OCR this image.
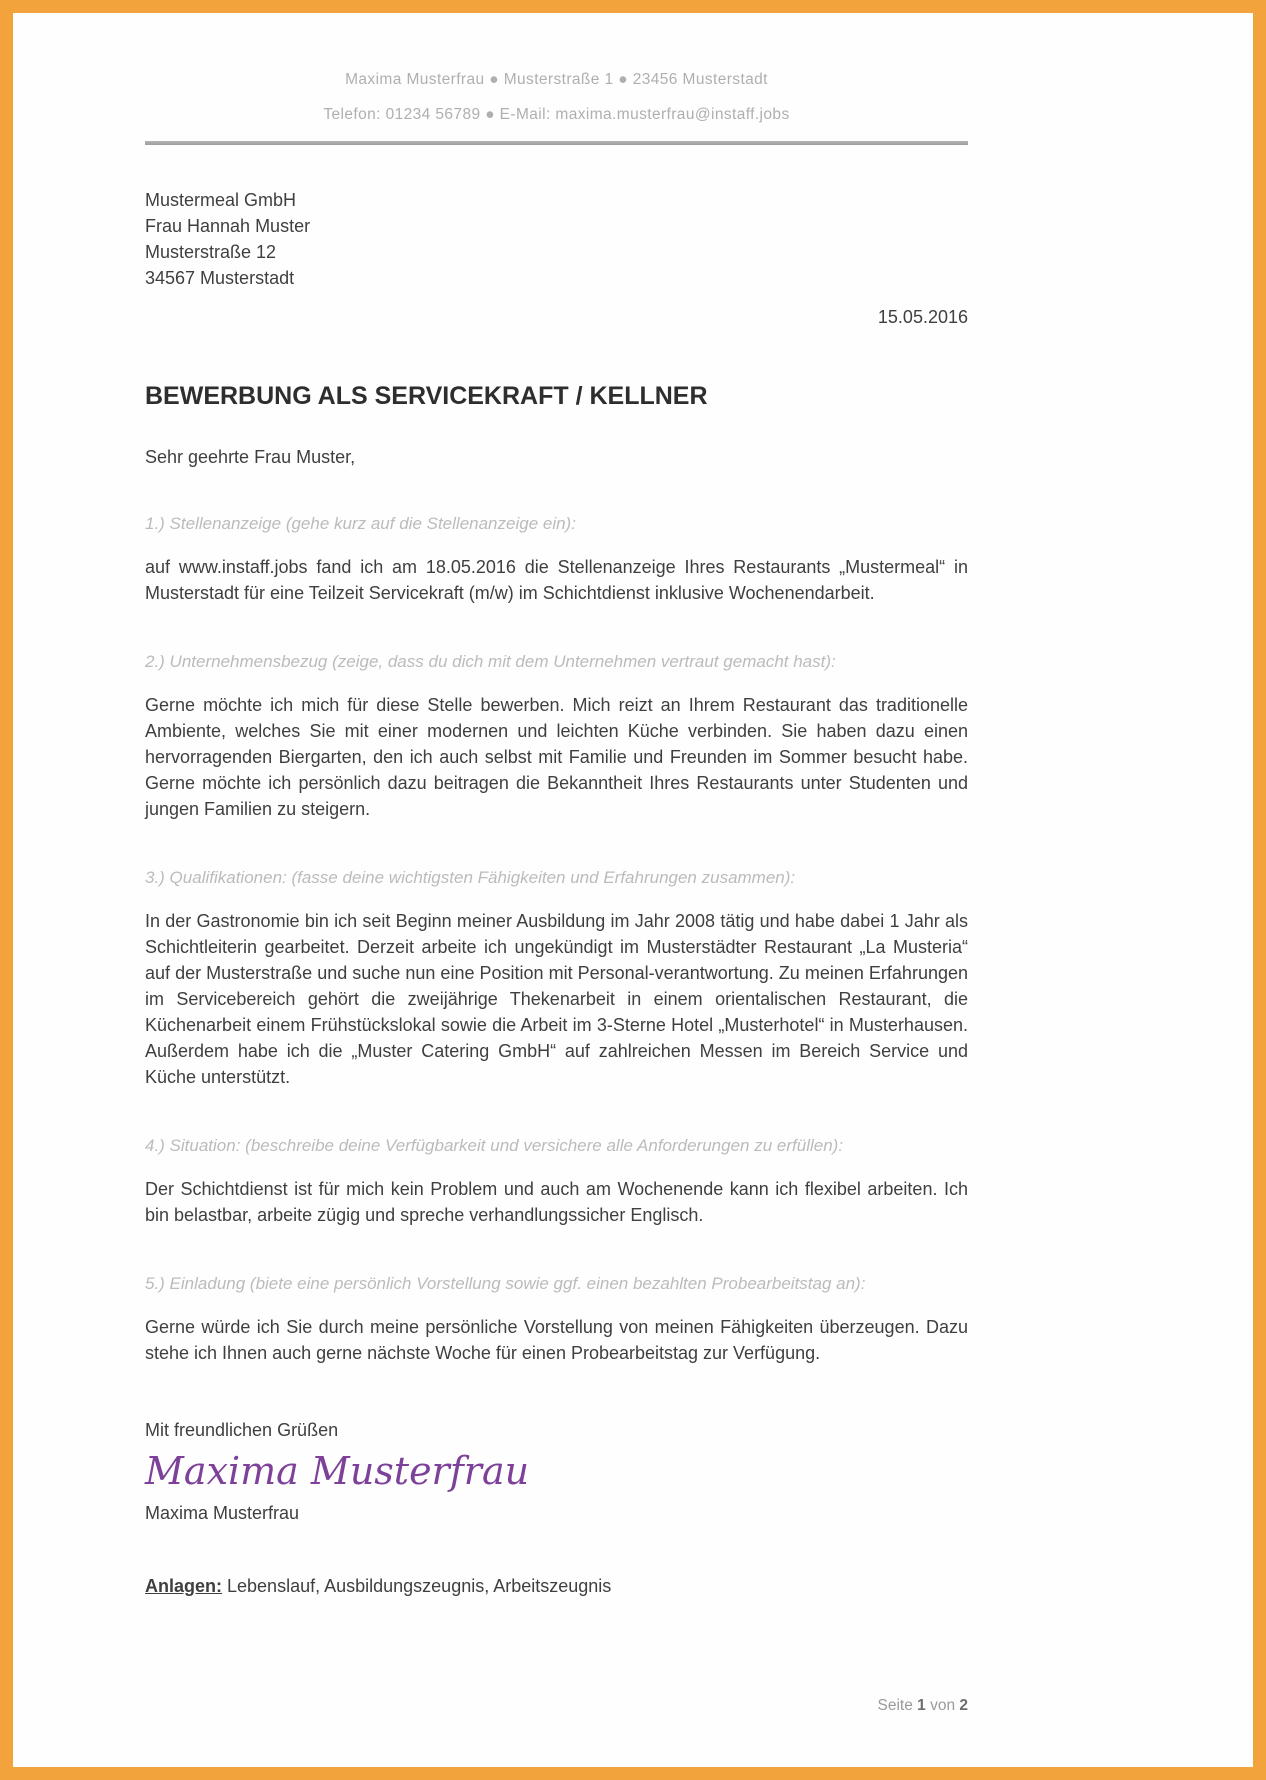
Maxima Musterfrau ● Musterstraße 1 ● 23456 Musterstadt

Telefon: 01234 56789 ● E-Mail: maxima.musterfrau@instaff.jobs

Mustermeal GmbH

Frau Hannah Muster

Musterstraße 12

34567 Musterstadt

15.05.2016
BEWERBUNG ALS SERVICEKRAFT / KELLNER

Sehr geehrte Frau Muster,

1.) Stellenanzeige (gehe kurz auf die Stellenanzeige ein):

auf www.instaff.jobs fand ich am 18.05.2016 die Stellenanzeige Ihres Restaurants „Mustermeal“ in Musterstadt für eine Teilzeit Servicekraft (m/w) im Schichtdienst inklusive Wochenendarbeit.

2.) Unternehmensbezug (zeige, dass du dich mit dem Unternehmen vertraut gemacht hast):

Gerne möchte ich mich für diese Stelle bewerben. Mich reizt an Ihrem Restaurant das traditionelle Ambiente, welches Sie mit einer modernen und leichten Küche verbinden. Sie haben dazu einen hervorragenden Biergarten, den ich auch selbst mit Familie und Freunden im Sommer besucht habe. Gerne möchte ich persönlich dazu beitragen die Bekanntheit Ihres Restaurants unter Studenten und jungen Familien zu steigern.

3.) Qualifikationen: (fasse deine wichtigsten Fähigkeiten und Erfahrungen zusammen):

In der Gastronomie bin ich seit Beginn meiner Ausbildung im Jahr 2008 tätig und habe dabei 1 Jahr als Schichtleiterin gearbeitet. Derzeit arbeite ich ungekündigt im Musterstädter Restaurant „La Musteria“ auf der Musterstraße und suche nun eine Position mit Personal-verantwortung. Zu meinen Erfahrungen im Servicebereich gehört die zweijährige Thekenarbeit in einem orientalischen Restaurant, die Küchenarbeit einem Frühstückslokal sowie die Arbeit im 3-Sterne Hotel „Musterhotel“ in Musterhausen. Außerdem habe ich die „Muster Catering GmbH“ auf zahlreichen Messen im Bereich Service und Küche unterstützt.

4.) Situation: (beschreibe deine Verfügbarkeit und versichere alle Anforderungen zu erfüllen):

Der Schichtdienst ist für mich kein Problem und auch am Wochenende kann ich flexibel arbeiten. Ich bin belastbar, arbeite zügig und spreche verhandlungssicher Englisch.

5.) Einladung (biete eine persönlich Vorstellung sowie ggf. einen bezahlten Probearbeitstag an):

Gerne würde ich Sie durch meine persönliche Vorstellung von meinen Fähigkeiten überzeugen. Dazu stehe ich Ihnen auch gerne nächste Woche für einen Probearbeitstag zur Verfügung.

Mit freundlichen Grüßen

Maxima Musterfrau

Maxima Musterfrau

Anlagen: Lebenslauf, Ausbildungszeugnis, Arbeitszeugnis

Seite 1 von 2
